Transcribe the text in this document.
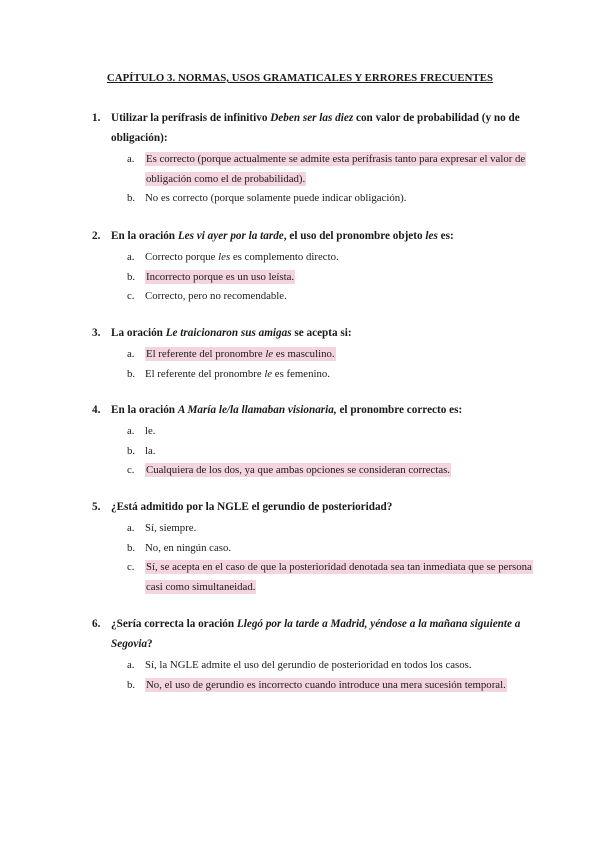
CAPÍTULO 3. NORMAS, USOS GRAMATICALES Y ERRORES FRECUENTES
1. Utilizar la perífrasis de infinitivo Deben ser las diez con valor de probabilidad (y no de obligación):
a. Es correcto (porque actualmente se admite esta perífrasis tanto para expresar el valor de obligación como el de probabilidad).
b. No es correcto (porque solamente puede indicar obligación).
2. En la oración Les vi ayer por la tarde, el uso del pronombre objeto les es:
a. Correcto porque les es complemento directo.
b. Incorrecto porque es un uso leísta.
c. Correcto, pero no recomendable.
3. La oración Le traicionaron sus amigas se acepta si:
a. El referente del pronombre le es masculino.
b. El referente del pronombre le es femenino.
4. En la oración A María le/la llamaban visionaria, el pronombre correcto es:
a. le.
b. la.
c. Cualquiera de los dos, ya que ambas opciones se consideran correctas.
5. ¿Está admitido por la NGLE el gerundio de posterioridad?
a. Sí, siempre.
b. No, en ningún caso.
c. Sí, se acepta en el caso de que la posterioridad denotada sea tan inmediata que se persona casi como simultaneidad.
6. ¿Sería correcta la oración Llegó por la tarde a Madrid, yéndose a la mañana siguiente a Segovia?
a. Sí, la NGLE admite el uso del gerundio de posterioridad en todos los casos.
b. No, el uso de gerundio es incorrecto cuando introduce una mera sucesión temporal.
